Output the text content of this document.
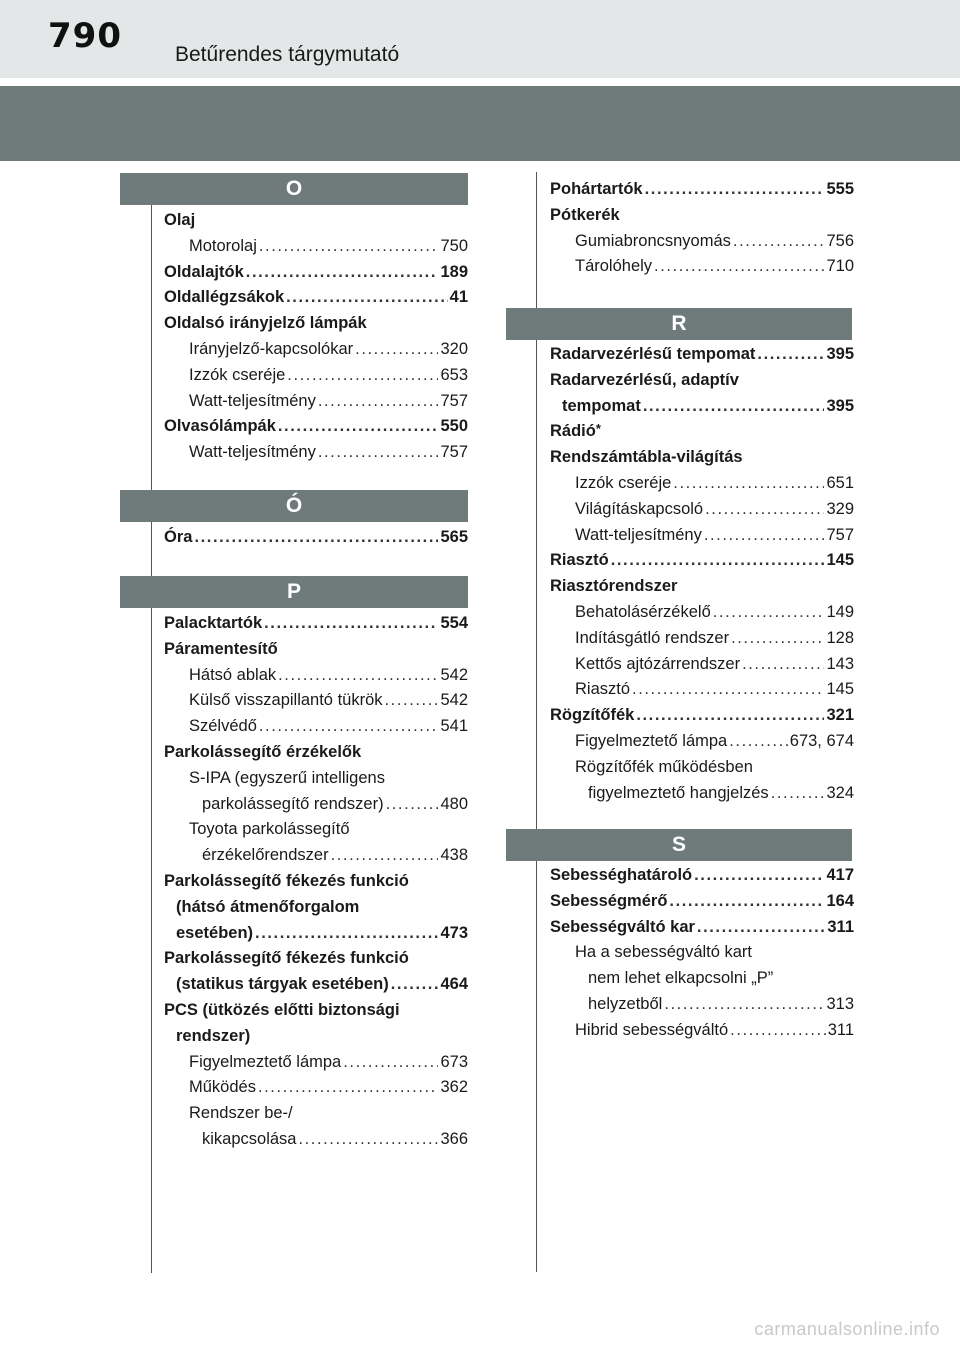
790	Betűrendes tárgymutató
O
Olaj
Motorolaj . . .	750
Oldalajtók . . .	189
Oldallégzsákok . . .	41
Oldalsó irányjelző lámpák
Irányjelző-kapcsolókar . . .	320
Izzók cseréje . . .	653
Watt-teljesítmény . . .	757
Olvasólámpák . . .	550
Watt-teljesítmény . . .	757
Ó
Óra . . .	565
P
Palacktartók . . .	554
Páramentesítő
Hátsó ablak . . .	542
Külső visszapillantó tükrök . . .	542
Szélvédő . . .	541
Parkolássegítő érzékelők
S-IPA (egyszerű intelligens
parkolássegítő rendszer) . . .	480
Toyota parkolássegítő
érzékelőrendszer . . .	438
Parkolássegítő fékezés funkció
(hátsó átmenőforgalom
esetében) . . .	473
Parkolássegítő fékezés funkció
(statikus tárgyak esetében) . . .	464
PCS (ütközés előtti biztonsági
rendszer)
Figyelmeztető lámpa . . .	673
Működés . . .	362
Rendszer be-/
kikapcsolása . . .	366
Pohártartók . . .	555
Pótkerék
Gumiabroncsnyomás . . .	756
Tárolóhely . . .	710
R
Radarvezérlésű tempomat . . .	395
Radarvezérlésű, adaptív
tempomat . . .	395
Rádió*
Rendszámtábla-világítás
Izzók cseréje . . .	651
Világításkapcsoló . . .	329
Watt-teljesítmény . . .	757
Riasztó . . .	145
Riasztórendszer
Behatolásérzékelő . . .	149
Indításgátló rendszer . . .	128
Kettős ajtózárrendszer . . .	143
Riasztó . . .	145
Rögzítőfék . . .	321
Figyelmeztető lámpa . . .	673, 674
Rögzítőfék működésben
figyelmeztető hangjelzés . . .	324
S
Sebességhatároló . . .	417
Sebességmérő . . .	164
Sebességváltó kar . . .	311
Ha a sebességváltó kart
nem lehet elkapcsolni „P”
helyzetből . . .	313
Hibrid sebességváltó . . .	311
carmanualsonline.info
